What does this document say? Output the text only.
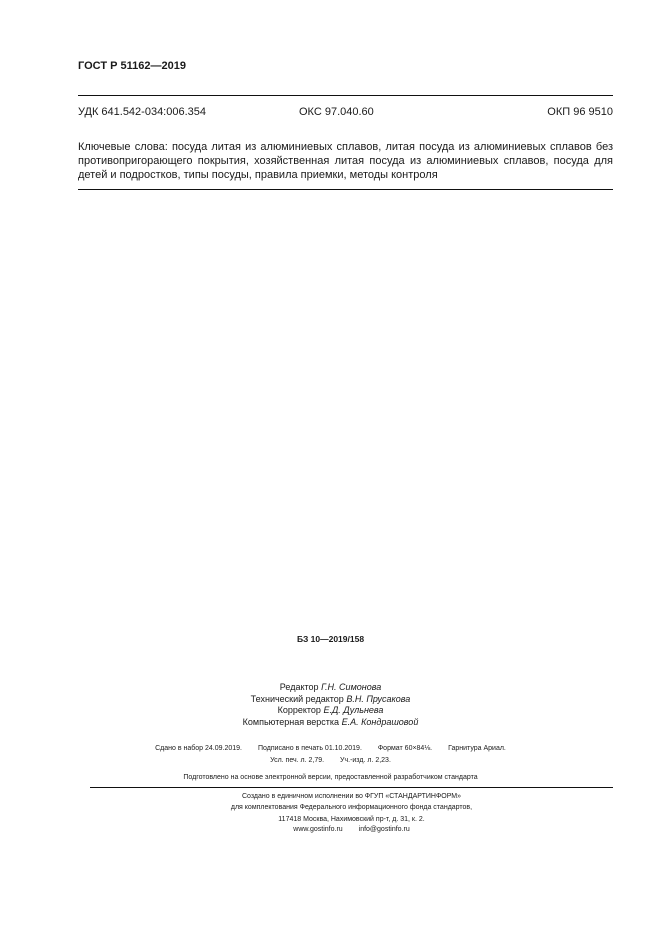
ГОСТ Р 51162—2019
УДК 641.542-034:006.354	ОКС 97.040.60	ОКП 96 9510
Ключевые слова: посуда литая из алюминиевых сплавов, литая посуда из алюминиевых сплавов без противопригорающего покрытия, хозяйственная литая посуда из алюминиевых сплавов, посуда для детей и подростков, типы посуды, правила приемки, методы контроля
БЗ 10—2019/158
Редактор Г.Н. Симонова
Технический редактор В.Н. Прусакова
Корректор Е.Д. Дульнева
Компьютерная верстка Е.А. Кондрашовой
Сдано в набор 24.09.2019. Подписано в печать 01.10.2019. Формат 60×84⅛. Гарнитура Ариал.
Усл. печ. л. 2,79. Уч.-изд. л. 2,23.
Подготовлено на основе электронной версии, предоставленной разработчиком стандарта
Создано в единичном исполнении во ФГУП «СТАНДАРТИНФОРМ»
для комплектования Федерального информационного фонда стандартов,
117418 Москва, Нахимовский пр-т, д. 31, к. 2.
www.gostinfo.ru info@gostinfo.ru
